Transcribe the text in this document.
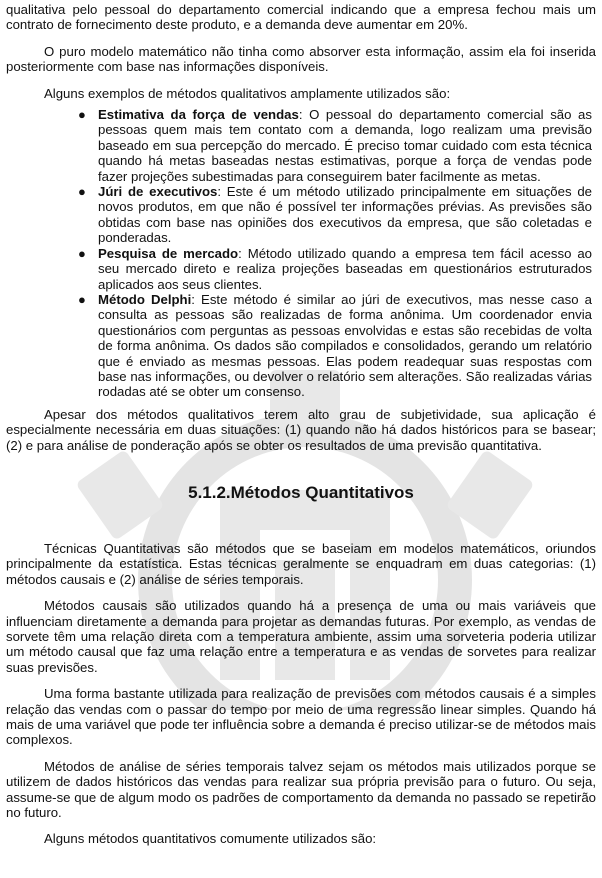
qualitativa pelo pessoal do departamento comercial indicando que a empresa fechou mais um contrato de fornecimento deste produto, e a demanda deve aumentar em 20%.

O puro modelo matemático não tinha como absorver esta informação, assim ela foi inserida posteriormente com base nas informações disponíveis.

Alguns exemplos de métodos qualitativos amplamente utilizados são:

● Estimativa da força de vendas: O pessoal do departamento comercial são as pessoas quem mais tem contato com a demanda, logo realizam uma previsão baseado em sua percepção do mercado. É preciso tomar cuidado com esta técnica quando há metas baseadas nestas estimativas, porque a força de vendas pode fazer projeções subestimadas para conseguirem bater facilmente as metas.
● Júri de executivos: Este é um método utilizado principalmente em situações de novos produtos, em que não é possível ter informações prévias. As previsões são obtidas com base nas opiniões dos executivos da empresa, que são coletadas e ponderadas.
● Pesquisa de mercado: Método utilizado quando a empresa tem fácil acesso ao seu mercado direto e realiza projeções baseadas em questionários estruturados aplicados aos seus clientes.
● Método Delphi: Este método é similar ao júri de executivos, mas nesse caso a consulta as pessoas são realizadas de forma anônima. Um coordenador envia questionários com perguntas as pessoas envolvidas e estas são recebidas de volta de forma anônima. Os dados são compilados e consolidados, gerando um relatório que é enviado as mesmas pessoas. Elas podem readequar suas respostas com base nas informações, ou devolver o relatório sem alterações. São realizadas várias rodadas até se obter um consenso.

Apesar dos métodos qualitativos terem alto grau de subjetividade, sua aplicação é especialmente necessária em duas situações: (1) quando não há dados históricos para se basear; (2) e para análise de ponderação após se obter os resultados de uma previsão quantitativa.

5.1.2.Métodos Quantitativos

Técnicas Quantitativas são métodos que se baseiam em modelos matemáticos, oriundos principalmente da estatística. Estas técnicas geralmente se enquadram em duas categorias: (1) métodos causais e (2) análise de séries temporais.

Métodos causais são utilizados quando há a presença de uma ou mais variáveis que influenciam diretamente a demanda para projetar as demandas futuras. Por exemplo, as vendas de sorvete têm uma relação direta com a temperatura ambiente, assim uma sorveteria poderia utilizar um método causal que faz uma relação entre a temperatura e as vendas de sorvetes para realizar suas previsões.

Uma forma bastante utilizada para realização de previsões com métodos causais é a simples relação das vendas com o passar do tempo por meio de uma regressão linear simples. Quando há mais de uma variável que pode ter influência sobre a demanda é preciso utilizar-se de métodos mais complexos.

Métodos de análise de séries temporais talvez sejam os métodos mais utilizados porque se utilizem de dados históricos das vendas para realizar sua própria previsão para o futuro. Ou seja, assume-se que de algum modo os padrões de comportamento da demanda no passado se repetirão no futuro.

Alguns métodos quantitativos comumente utilizados são:
